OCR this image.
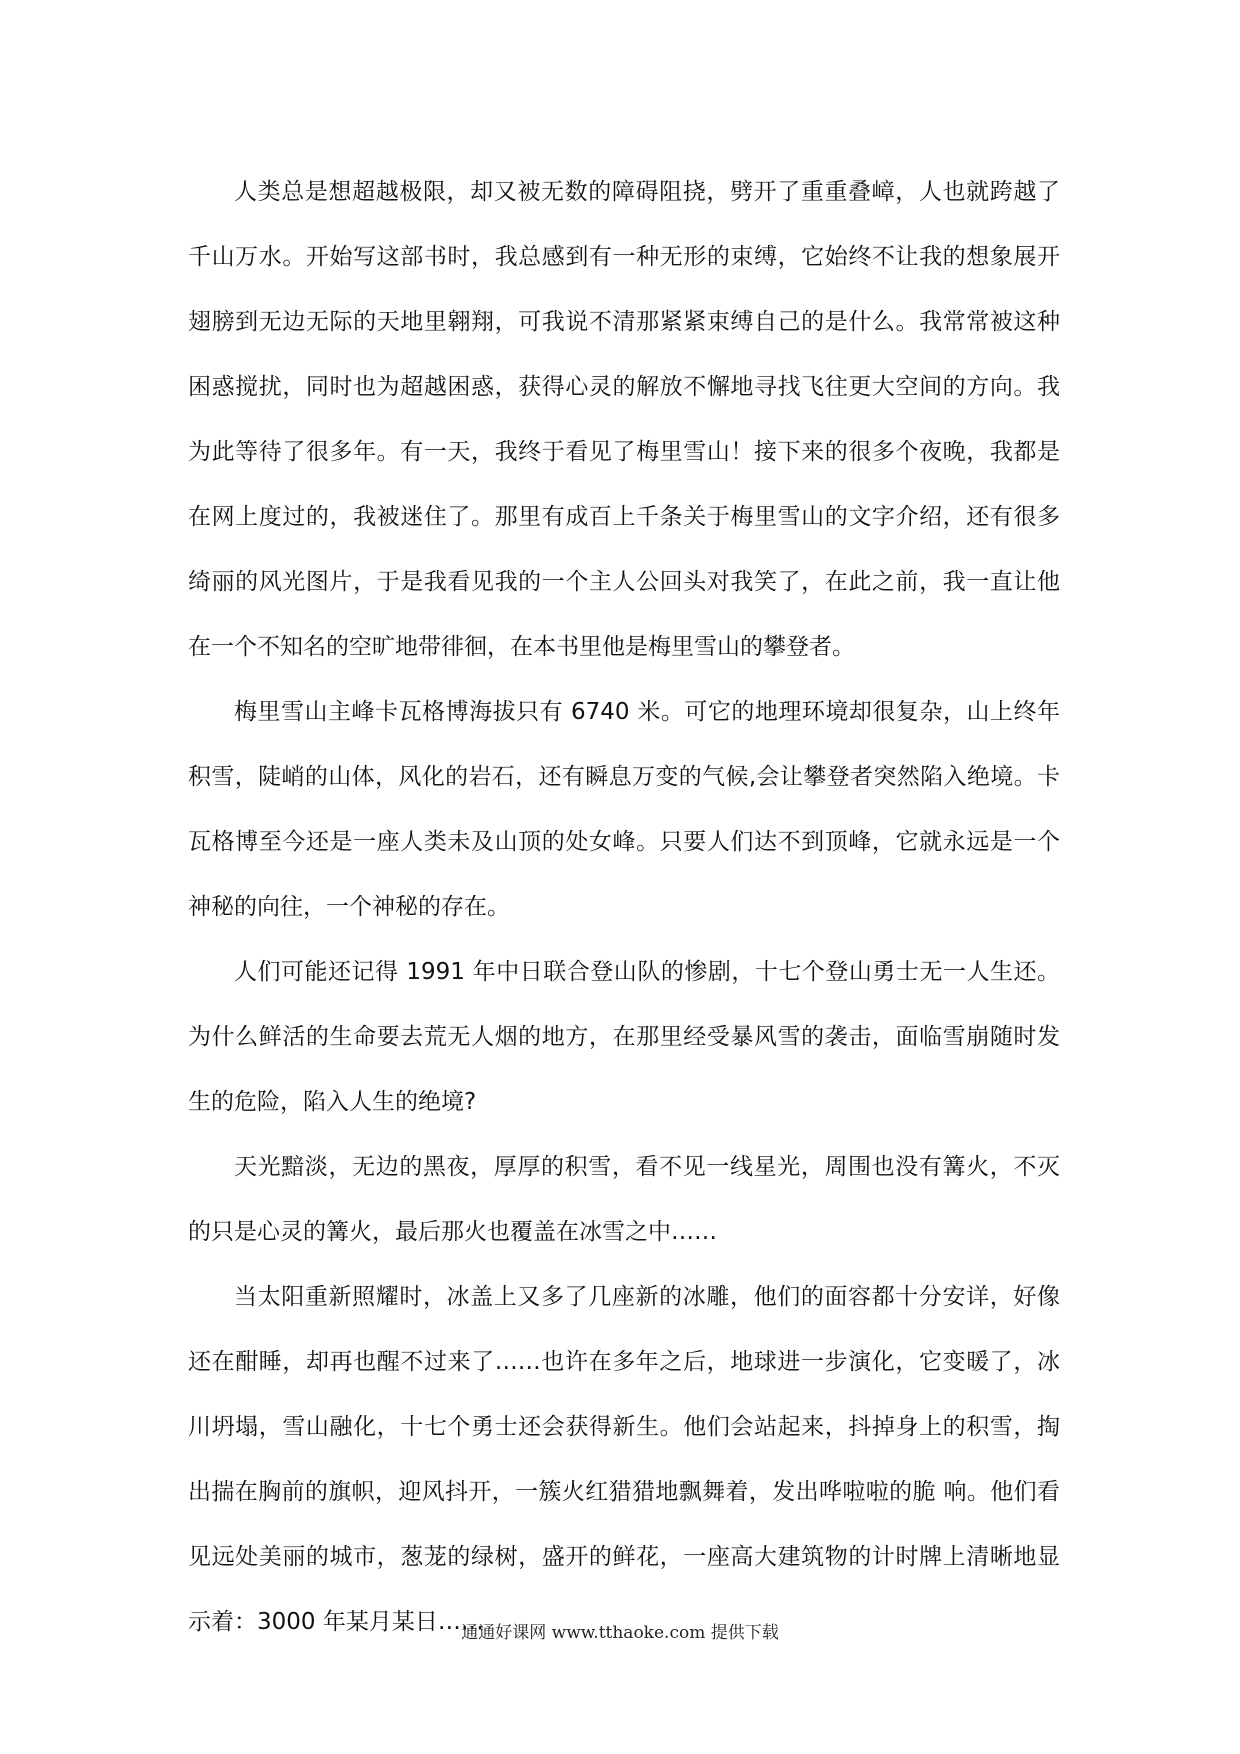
人类总是想超越极限，却又被无数的障碍阻挠，劈开了重重叠嶂，人也就跨越了千山万水。开始写这部书时，我总感到有一种无形的束缚，它始终不让我的想象展开翅膀到无边无际的天地里翱翔，可我说不清那紧紧束缚自己的是什么。我常常被这种困惑搅扰，同时也为超越困惑，获得心灵的解放不懈地寻找飞往更大空间的方向。我为此等待了很多年。有一天，我终于看见了梅里雪山！接下来的很多个夜晚，我都是在网上度过的，我被迷住了。那里有成百上千条关于梅里雪山的文字介绍，还有很多绮丽的风光图片，于是我看见我的一个主人公回头对我笑了，在此之前，我一直让他在一个不知名的空旷地带徘徊，在本书里他是梅里雪山的攀登者。

梅里雪山主峰卡瓦格博海拔只有 6740 米。可它的地理环境却很复杂，山上终年积雪，陡峭的山体，风化的岩石，还有瞬息万变的气候,会让攀登者突然陷入绝境。卡瓦格博至今还是一座人类未及山顶的处女峰。只要人们达不到顶峰，它就永远是一个神秘的向往，一个神秘的存在。

人们可能还记得 1991 年中日联合登山队的惨剧，十七个登山勇士无一人生还。为什么鲜活的生命要去荒无人烟的地方，在那里经受暴风雪的袭击，面临雪崩随时发生的危险，陷入人生的绝境?

天光黯淡，无边的黑夜，厚厚的积雪，看不见一线星光，周围也没有篝火，不灭的只是心灵的篝火，最后那火也覆盖在冰雪之中……

当太阳重新照耀时，冰盖上又多了几座新的冰雕，他们的面容都十分安详，好像还在酣睡，却再也醒不过来了……也许在多年之后，地球进一步演化，它变暖了，冰川坍塌，雪山融化，十七个勇士还会获得新生。他们会站起来，抖掉身上的积雪，掏出揣在胸前的旗帜，迎风抖开，一簇火红猎猎地飘舞着，发出哗啦啦的脆 响。他们看见远处美丽的城市，葱茏的绿树，盛开的鲜花，一座高大建筑物的计时牌上清晰地显示着：3000 年某月某日……

通通好课网 www.tthaoke.com 提供下载
